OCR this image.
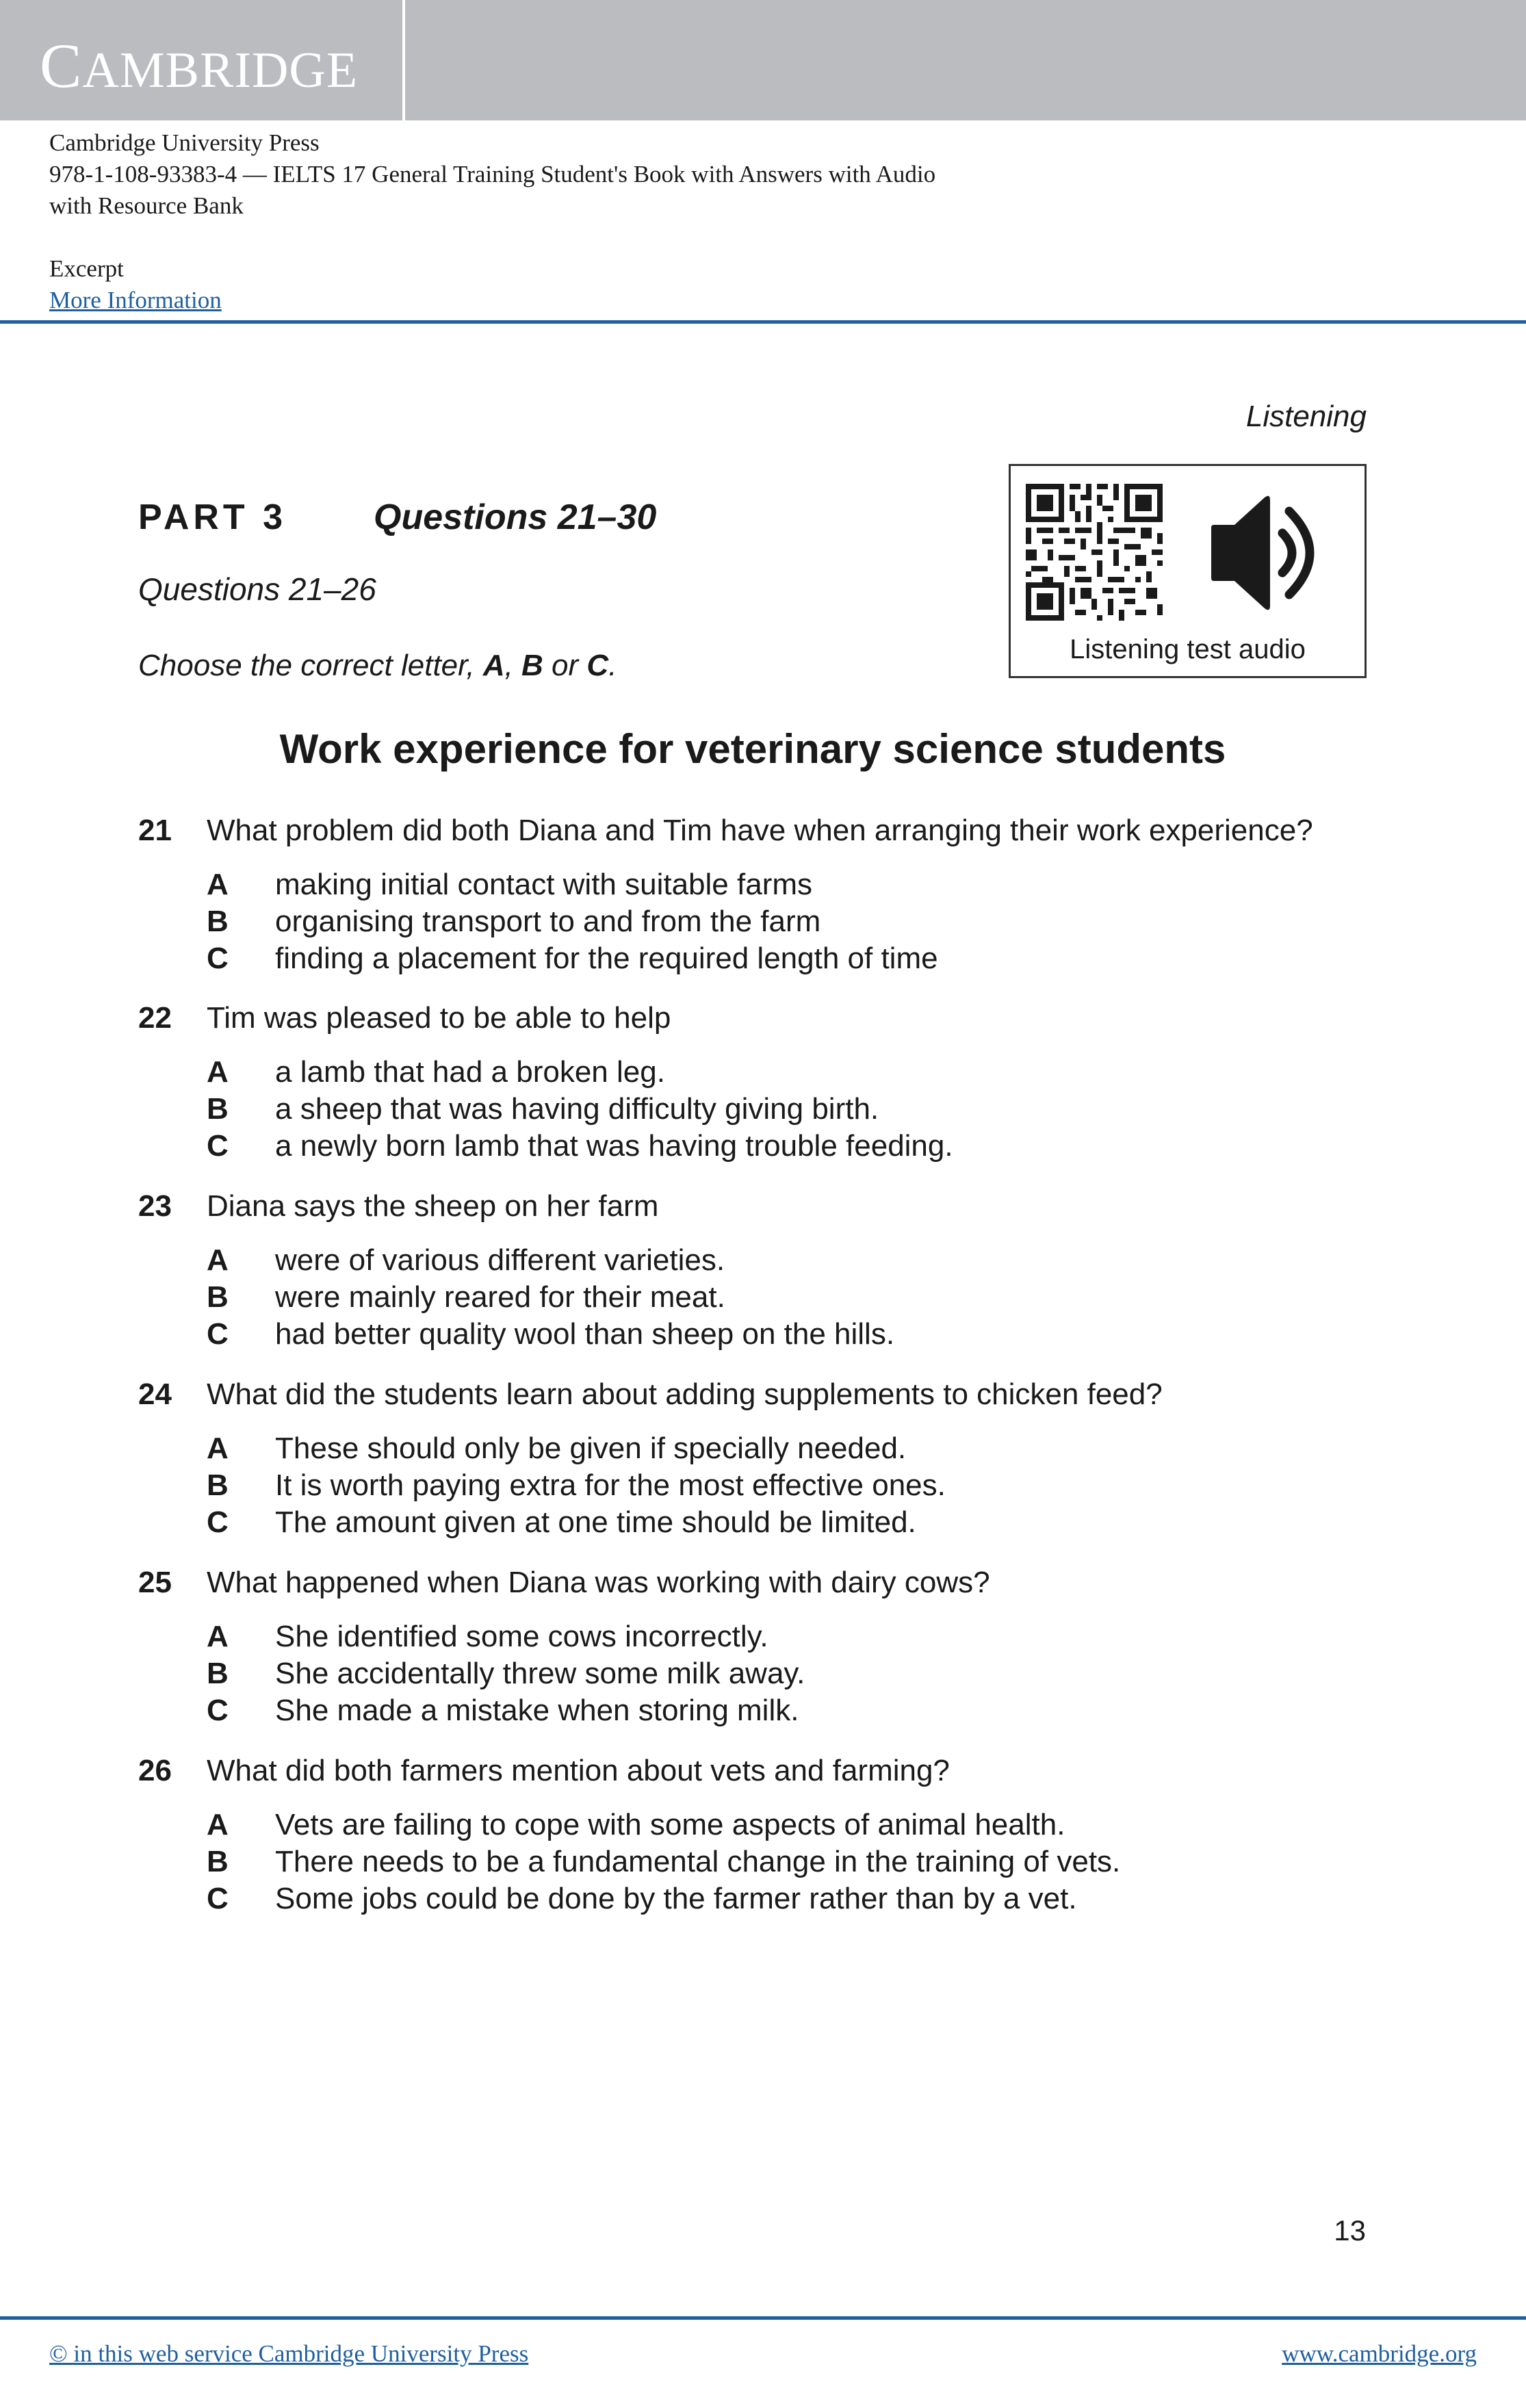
CAMBRIDGE
Cambridge University Press
978-1-108-93383-4 — IELTS 17 General Training Student's Book with Answers with Audio
with Resource Bank
Excerpt
More Information
Listening
PART 3 Questions 21–30
Questions 21–26
Choose the correct letter, A, B or C.	Listening test audio
Work experience for veterinary science students
21 What problem did both Diana and Tim have when arranging their work experience?
A making initial contact with suitable farms
B organising transport to and from the farm
C finding a placement for the required length of time
22 Tim was pleased to be able to help
A a lamb that had a broken leg.
B a sheep that was having difficulty giving birth.
C a newly born lamb that was having trouble feeding.
23 Diana says the sheep on her farm
A were of various different varieties.
B were mainly reared for their meat.
C had better quality wool than sheep on the hills.
24 What did the students learn about adding supplements to chicken feed?
A These should only be given if specially needed.
B It is worth paying extra for the most effective ones.
C The amount given at one time should be limited.
25 What happened when Diana was working with dairy cows?
A She identified some cows incorrectly.
B She accidentally threw some milk away.
C She made a mistake when storing milk.
26 What did both farmers mention about vets and farming?
A Vets are failing to cope with some aspects of animal health.
B There needs to be a fundamental change in the training of vets.
C Some jobs could be done by the farmer rather than by a vet.
13
© in this web service Cambridge University Press	www.cambridge.org
